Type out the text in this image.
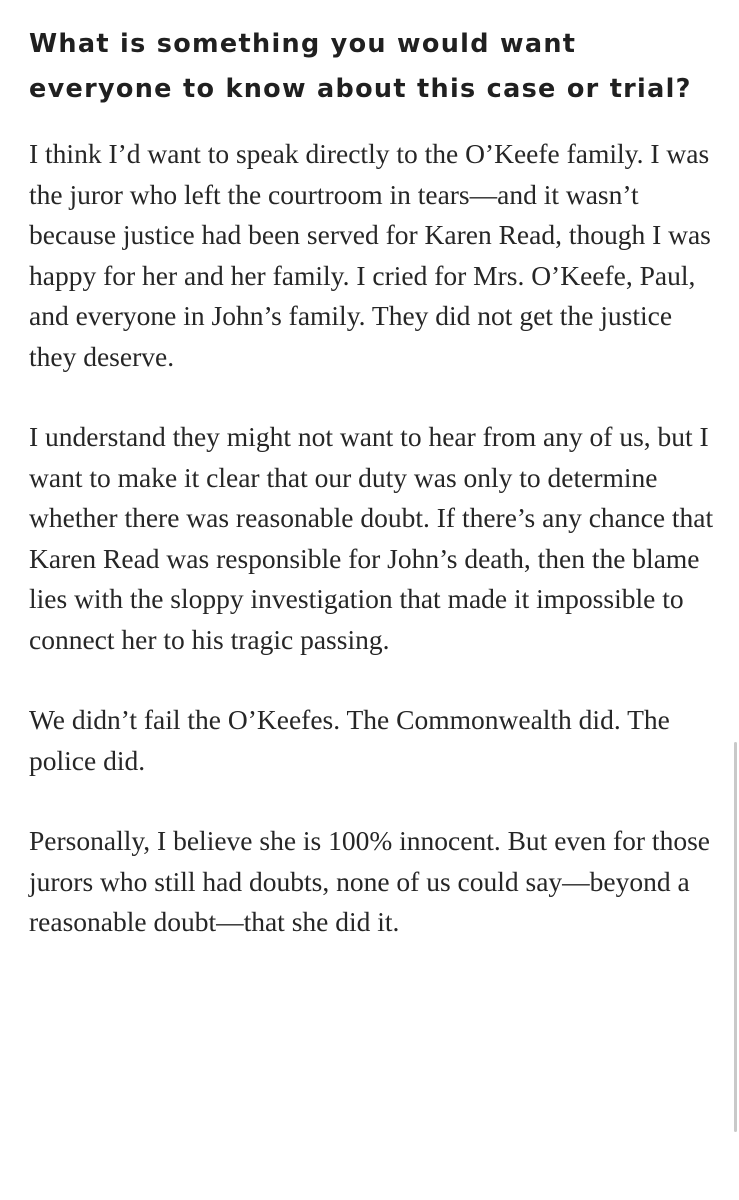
What is something you would want everyone to know about this case or trial?

I think I’d want to speak directly to the O’Keefe family. I was the juror who left the courtroom in tears—and it wasn’t because justice had been served for Karen Read, though I was happy for her and her family. I cried for Mrs. O’Keefe, Paul, and everyone in John’s family. They did not get the justice they deserve.

I understand they might not want to hear from any of us, but I want to make it clear that our duty was only to determine whether there was reasonable doubt. If there’s any chance that Karen Read was responsible for John’s death, then the blame lies with the sloppy investigation that made it impossible to connect her to his tragic passing.

We didn’t fail the O’Keefes. The Commonwealth did. The police did.

Personally, I believe she is 100% innocent. But even for those jurors who still had doubts, none of us could say—beyond a reasonable doubt—that she did it.
